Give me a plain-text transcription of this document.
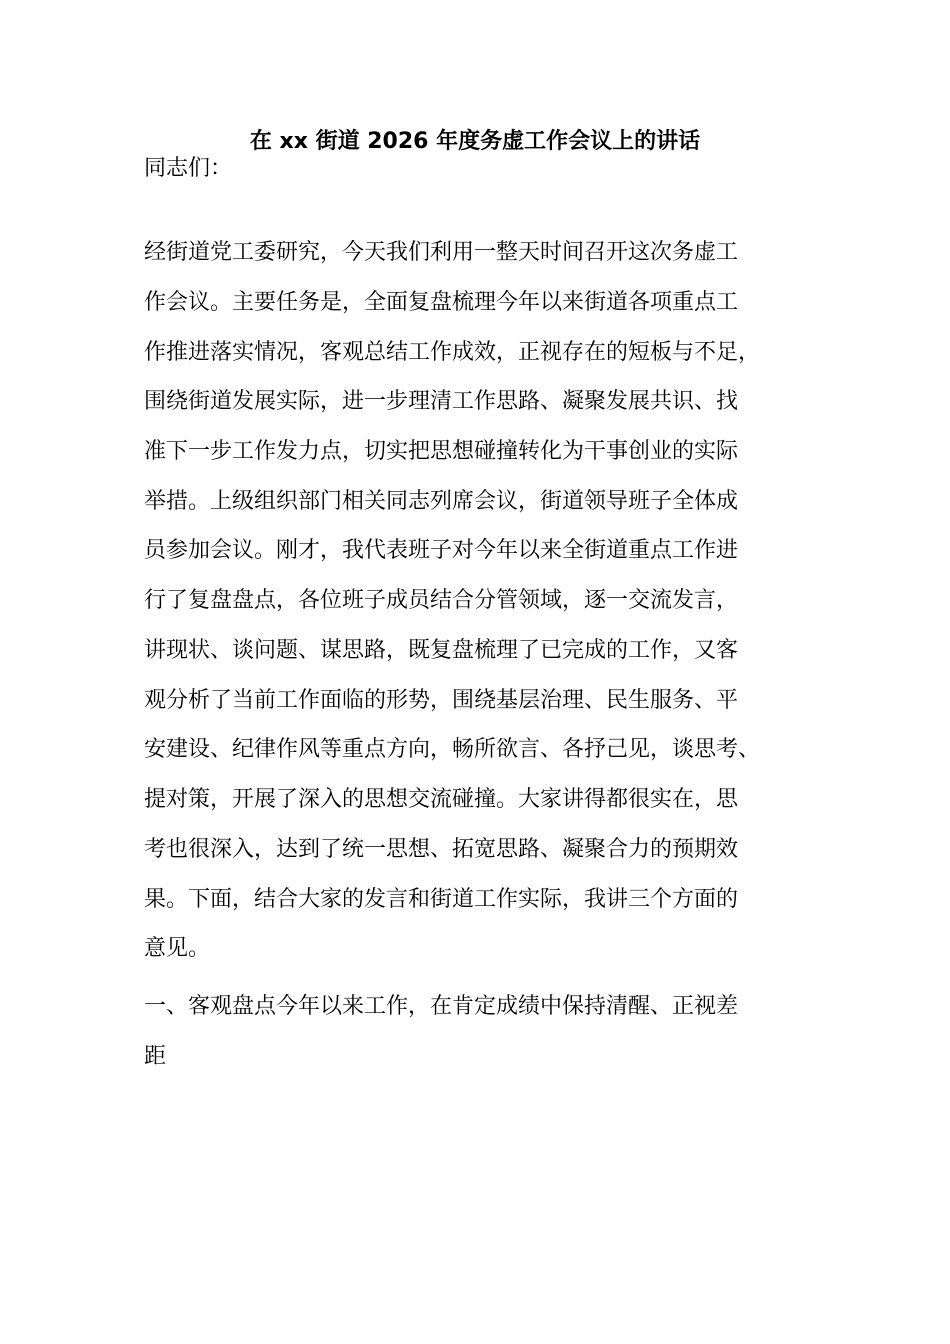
在 xx 街道 2026 年度务虚工作会议上的讲话
同志们：
经街道党工委研究，今天我们利用一整天时间召开这次务虚工
作会议。主要任务是，全面复盘梳理今年以来街道各项重点工
作推进落实情况，客观总结工作成效，正视存在的短板与不足，
围绕街道发展实际，进一步理清工作思路、凝聚发展共识、找
准下一步工作发力点，切实把思想碰撞转化为干事创业的实际
举措。上级组织部门相关同志列席会议，街道领导班子全体成
员参加会议。刚才，我代表班子对今年以来全街道重点工作进
行了复盘盘点，各位班子成员结合分管领域，逐一交流发言，
讲现状、谈问题、谋思路，既复盘梳理了已完成的工作，又客
观分析了当前工作面临的形势，围绕基层治理、民生服务、平
安建设、纪律作风等重点方向，畅所欲言、各抒己见，谈思考、
提对策，开展了深入的思想交流碰撞。大家讲得都很实在，思
考也很深入，达到了统一思想、拓宽思路、凝聚合力的预期效
果。下面，结合大家的发言和街道工作实际，我讲三个方面的
意见。
一、客观盘点今年以来工作，在肯定成绩中保持清醒、正视差
距
